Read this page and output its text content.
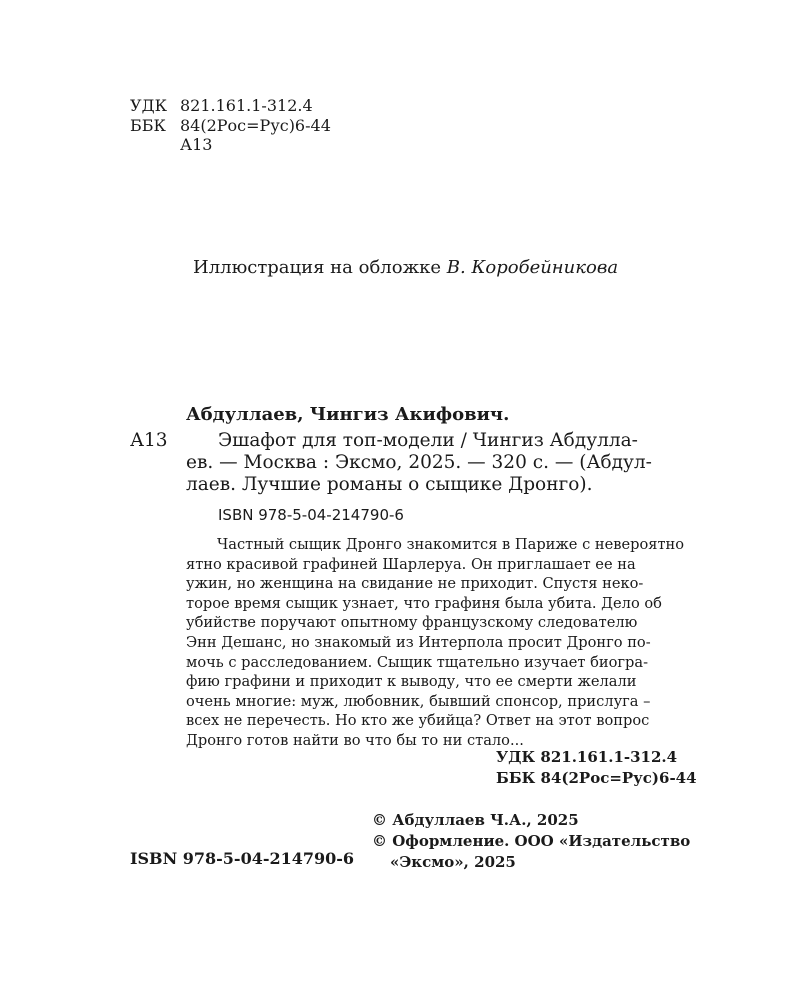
УДК 821.161.1-312.4
ББК 84(2Рос=Рус)6-44
А13
Иллюстрация на обложке В. Коробейникова
Абдуллаев, Чингиз Акифович.
А13	Эшафот для топ-модели / Чингиз Абдулла-
ев. — Москва : Эксмо, 2025. — 320 с. — (Абдул-
лаев. Лучшие романы о сыщике Дронго).
ISBN 978-5-04-214790-6
Частный сыщик Дронго знакомится в Париже с невероятно
ятно красивой графиней Шарлеруа. Он приглашает ее на
ужин, но женщина на свидание не приходит. Спустя неко-
торое время сыщик узнает, что графиня была убита. Дело об
убийстве поручают опытному французскому следователю
Энн Дешанс, но знакомый из Интерпола просит Дронго по-
мочь с расследованием. Сыщик тщательно изучает биогра-
фию графини и приходит к выводу, что ее смерти желали
очень многие: муж, любовник, бывший спонсор, прислуга –
всех не перечесть. Но кто же убийца? Ответ на этот вопрос
Дронго готов найти во что бы то ни стало...
УДК 821.161.1-312.4
ББК 84(2Рос=Рус)6-44
© Абдуллаев Ч.А., 2025
© Оформление. ООО «Издательство
«Эксмо», 2025
ISBN 978-5-04-214790-6
